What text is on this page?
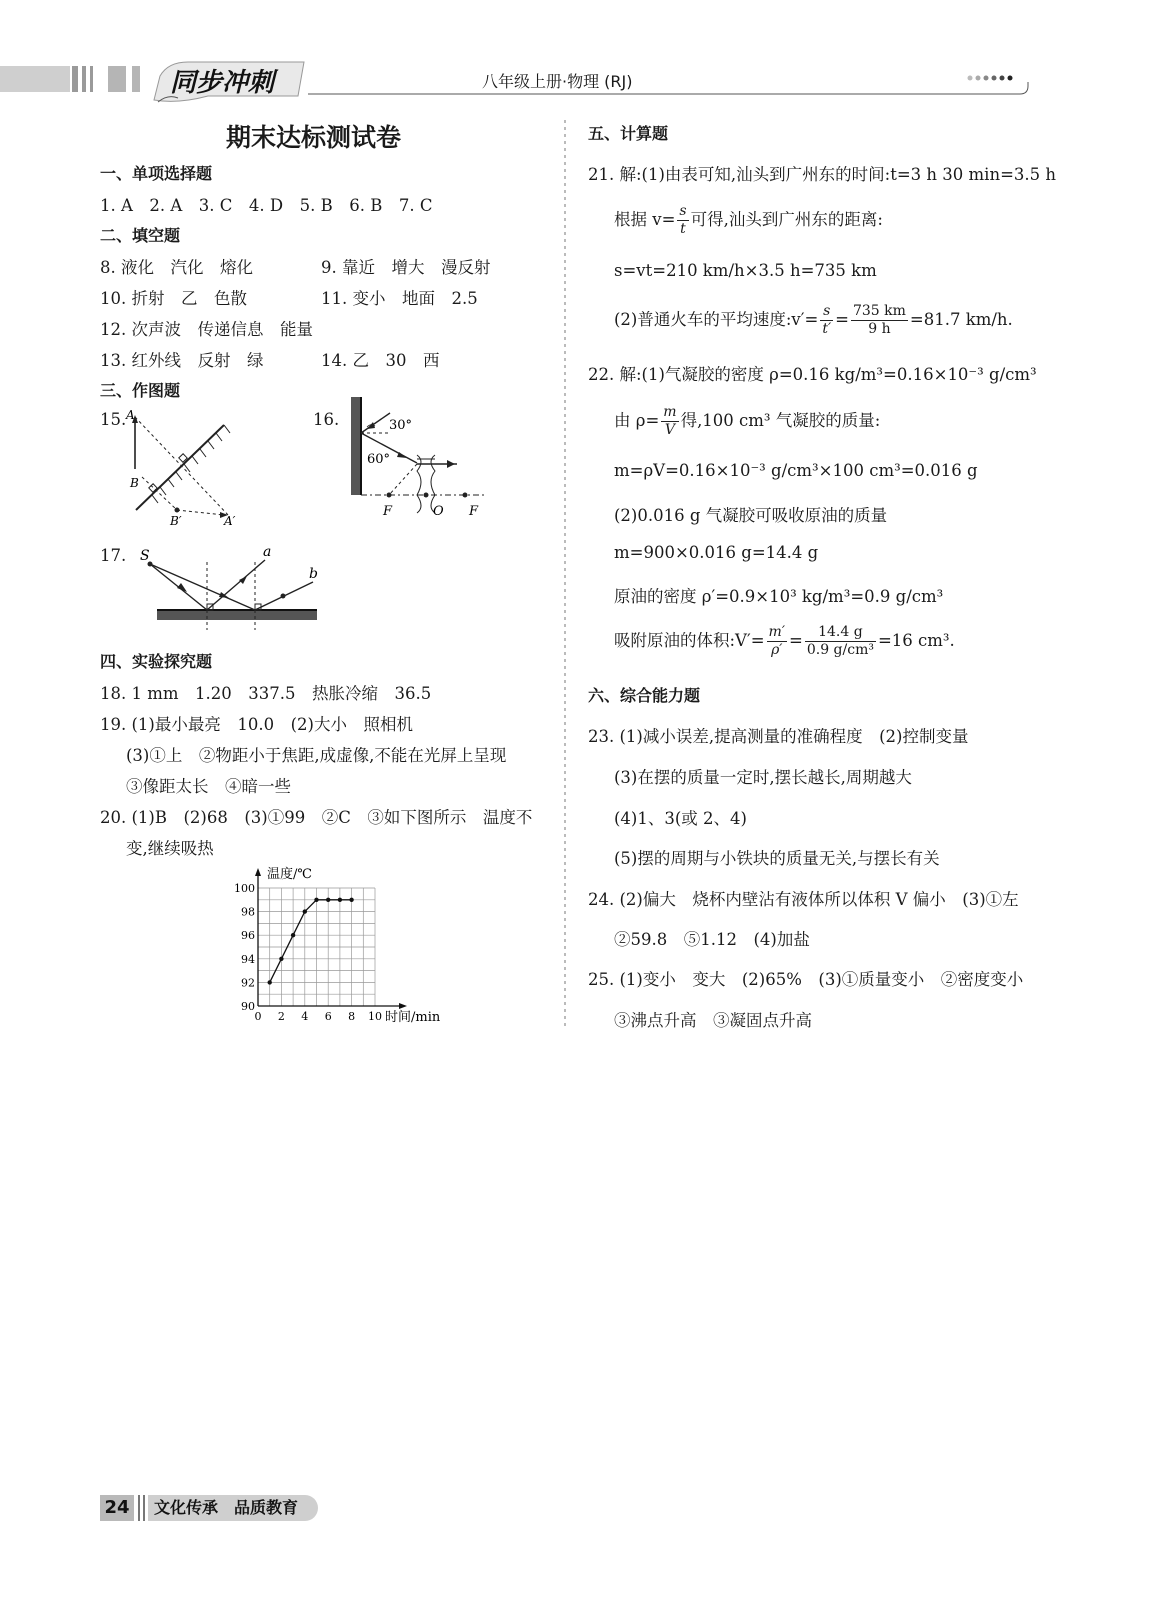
同步冲刺	八年级上册·物理 (RJ)
期末达标测试卷
一、单项选择题
1. A　2. A　3. C　4. D　5. B　6. B　7. C
二、填空题
8. 液化　汽化　熔化	9. 靠近　增大　漫反射
10. 折射　乙　色散	11. 变小　地面　2.5
12. 次声波　传递信息　能量
13. 红外线　反射　绿	14. 乙　30　西
三、作图题
15. A
B
B′	A′
16.	30°
60°
F	O F
17. S	a
b
四、实验探究题
18. 1 mm　1.20　337.5　热胀冷缩　36.5
19. (1)最小最亮　10.0　(2)大小　照相机
(3)①上　②物距小于焦距,成虚像,不能在光屏上呈现
③像距太长　④暗一些
20. (1)B　(2)68　(3)①99　②C　③如下图所示　温度不
变,继续吸热
0 2 4 6 8 10
90
92
94
96
98
100
温度/℃
时间/min
五、计算题
21. 解:(1)由表可知,汕头到广州东的时间:t=3 h 30 min=3.5 h
根据 $v= \frac{s}{t}$ 可得,汕头到广州东的距离:
s=vt=210 km/h×3.5 h=735 km
(2)普通火车的平均速度:v′= $\frac{s}{t'} = \frac{735 km}{9 h} =81.7$ km/h.
22. 解:(1)气凝胶的密度 ρ=0.16 kg/m³=0.16×10⁻³ g/cm³
由 $\rho= \frac{m}{V}$ 得,100 cm³ 气凝胶的质量:
m=ρV=0.16×10⁻³ g/cm³×100 cm³=0.016 g
(2)0.016 g 气凝胶可吸收原油的质量
m=900×0.016 g=14.4 g
原油的密度 ρ′=0.9×10³ kg/m³=0.9 g/cm³
吸附原油的体积:V′= $\frac{m'}{\rho'} = \frac{14.4 g}{\text{0.9 g/cm³}} =16$ cm³.
六、综合能力题
23. (1)减小误差,提高测量的准确程度　(2)控制变量
(3)在摆的质量一定时,摆长越长,周期越大
(4)1、3(或 2、4)
(5)摆的周期与小铁块的质量无关,与摆长有关
24. (2)偏大　烧杯内壁沾有液体所以体积 V 偏小　(3)①左
②59.8　⑤1.12　(4)加盐
25. (1)变小　变大　(2)65%　(3)①质量变小　②密度变小
③沸点升高　③凝固点升高
24	文化传承　品质教育
